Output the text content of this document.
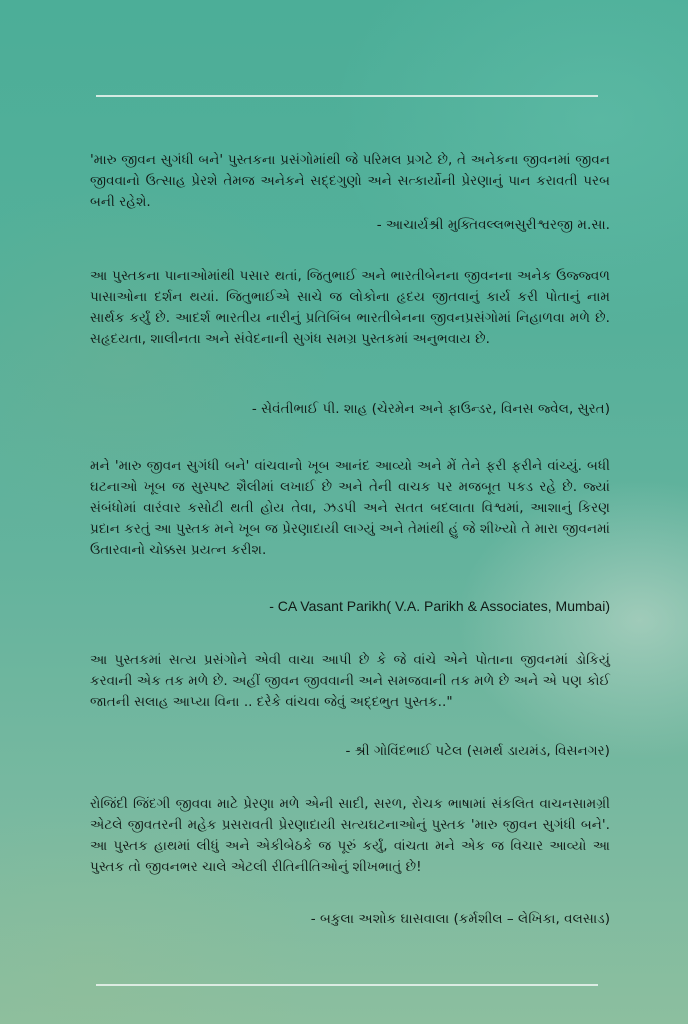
'મારુ જીવન સુગંધી બને' પુસ્તકના પ્રસંગોમાંથી જે પરિમલ પ્રગટે છે, તે અનેકના જીવનમાં જીવન જીવવાનો ઉત્સાહ પ્રેરશે તેમજ અનેકને સદ્દગુણો અને સત્કાર્યોની પ્રેરણાનું પાન કરાવતી પરબ બની રહેશે.

- આચાર્યશ્રી મુક્તિવલ્લભસુરીશ્વરજી મ.સા.

આ પુસ્તકના પાનાઓમાંથી પસાર થતાં, જિતુભાઈ અને ભારતીબેનના જીવનના અનેક ઉજ્જ્વળ પાસાઓના દર્શન થયાં. જિતુભાઈએ સાચે જ લોકોના હૃદય જીતવાનું કાર્ય કરી પોતાનું નામ સાર્થક કર્યું છે. આદર્શ ભારતીય નારીનું પ્રતિબિંબ ભારતીબેનના જીવનપ્રસંગોમાં નિહાળવા મળે છે. સહૃદયતા, શાલીનતા અને સંવેદનાની સુગંધ સમગ્ર પુસ્તકમાં અનુભવાય છે.

- સેવંતીભાઈ પી. શાહ (ચેરમેન અને ફાઉન્ડર, વિનસ જ્વેલ, સુરત)

મને 'મારુ જીવન સુગંધી બને' વાંચવાનો ખૂબ આનંદ આવ્યો અને મેં તેને ફરી ફરીને વાંચ્યું. બધી ઘટનાઓ ખૂબ જ સુસ્પષ્ટ શૈલીમાં લખાઈ છે અને તેની વાચક પર મજબૂત પકડ રહે છે. જ્યાં સંબંધોમાં વારંવાર કસોટી થતી હોય તેવા, ઝડપી અને સતત બદલાતા વિશ્વમાં, આશાનું કિરણ પ્રદાન કરતું આ પુસ્તક મને ખૂબ જ પ્રેરણાદાયી લાગ્યું અને તેમાંથી હું જે શીખ્યો તે મારા જીવનમાં ઉતારવાનો ચોક્કસ પ્રયત્ન કરીશ.

- CA Vasant Parikh( V.A. Parikh & Associates, Mumbai)

આ પુસ્તકમાં સત્ય પ્રસંગોને એવી વાચા આપી છે કે જે વાંચે એને પોતાના જીવનમાં ડોકિયું કરવાની એક તક મળે છે. અહીં જીવન જીવવાની અને સમજવાની તક મળે છે અને એ પણ કોઈ જાતની સલાહ આપ્યા વિના .. દરેકે વાંચવા જેવું અદ્દભુત પુસ્તક.."

- શ્રી ગોવિંદભાઈ પટેલ (સમર્થ ડાયમંડ, વિસનગર)

રોજિંદી જિંદગી જીવવા માટે પ્રેરણા મળે એની સાદી, સરળ, રોચક ભાષામાં સંકલિત વાચનસામગ્રી એટલે જીવતરની મહેક પ્રસરાવતી પ્રેરણાદાયી સત્યઘટનાઓનું પુસ્તક 'મારુ જીવન સુગંધી બને'. આ પુસ્તક હાથમાં લીધું અને એકીબેઠકે જ પૂરું કર્યું, વાંચતા મને એક જ વિચાર આવ્યો આ પુસ્તક તો જીવનભર ચાલે એટલી રીતિનીતિઓનું શીખભાતું છે!

- બકુલા અશોક ઘાસવાલા (કર્મશીલ – લેખિકા, વલસાડ)
